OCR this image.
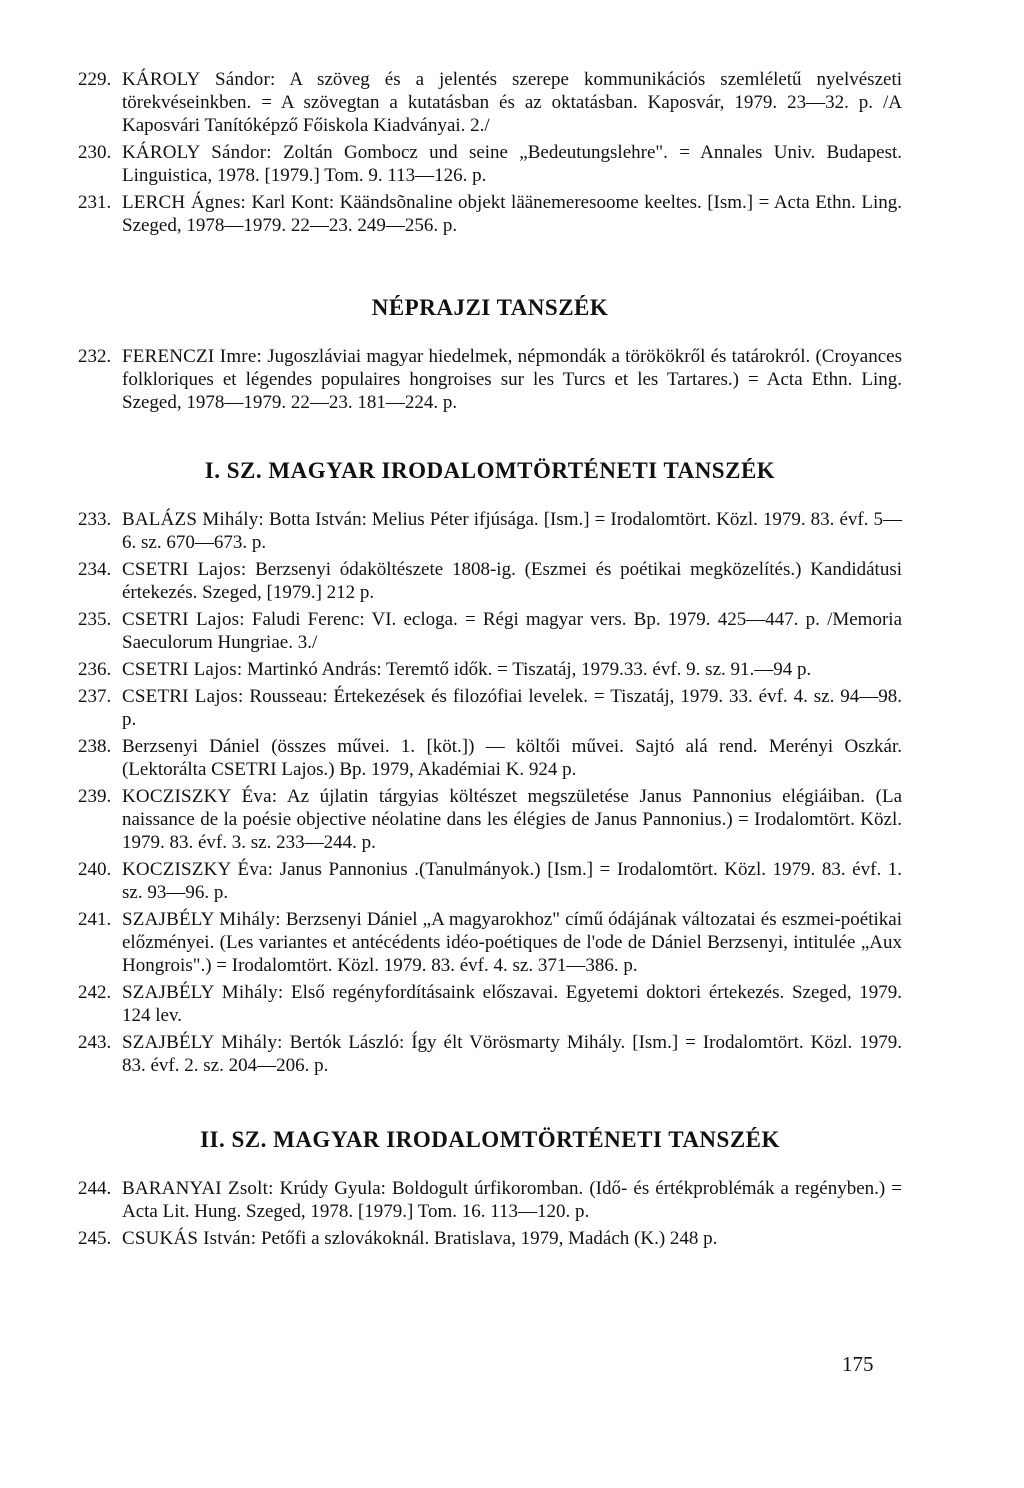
229. KÁROLY Sándor: A szöveg és a jelentés szerepe kommunikációs szemléletű nyelvészeti törekvéseinkben. = A szövegtan a kutatásban és az oktatásban. Kaposvár, 1979. 23—32. p. /A Kaposvári Tanítóképző Főiskola Kiadványai. 2./

230. KÁROLY Sándor: Zoltán Gombocz und seine „Bedeutungslehre". = Annales Univ. Budapest. Linguistica, 1978. [1979.] Tom. 9. 113—126. p.

231. LERCH Ágnes: Karl Kont: Käändsõnaline objekt läänemeresoome keeltes. [Ism.] = Acta Ethn. Ling. Szeged, 1978—1979. 22—23. 249—256. p.

NÉPRAJZI TANSZÉK

232. FERENCZI Imre: Jugoszláviai magyar hiedelmek, népmondák a törökökről és tatárokról. (Croyances folkloriques et légendes populaires hongroises sur les Turcs et les Tartares.) = Acta Ethn. Ling. Szeged, 1978—1979. 22—23. 181—224. p.

I. SZ. MAGYAR IRODALOMTÖRTÉNETI TANSZÉK

233. BALÁZS Mihály: Botta István: Melius Péter ifjúsága. [Ism.] = Irodalomtört. Közl. 1979. 83. évf. 5—6. sz. 670—673. p.

234. CSETRI Lajos: Berzsenyi ódaköltészete 1808-ig. (Eszmei és poétikai megközelítés.) Kandidátusi értekezés. Szeged, [1979.] 212 p.

235. CSETRI Lajos: Faludi Ferenc: VI. ecloga. = Régi magyar vers. Bp. 1979. 425—447. p. /Memoria Saeculorum Hungriae. 3./

236. CSETRI Lajos: Martinkó András: Teremtő idők. = Tiszatáj, 1979.33. évf. 9. sz. 91.—94 p.

237. CSETRI Lajos: Rousseau: Értekezések és filozófiai levelek. = Tiszatáj, 1979. 33. évf. 4. sz. 94—98. p.

238. Berzsenyi Dániel (összes művei. 1. [köt.]) — költői művei. Sajtó alá rend. Merényi Oszkár. (Lektorálta CSETRI Lajos.) Bp. 1979, Akadémiai K. 924 p.

239. KOCZISZKY Éva: Az újlatin tárgyias költészet megszületése Janus Pannonius elégiáiban. (La naissance de la poésie objective néolatine dans les élégies de Janus Pannonius.) = Irodalomtört. Közl. 1979. 83. évf. 3. sz. 233—244. p.

240. KOCZISZKY Éva: Janus Pannonius .(Tanulmányok.) [Ism.] = Irodalomtört. Közl. 1979. 83. évf. 1. sz. 93—96. p.

241. SZAJBÉLY Mihály: Berzsenyi Dániel „A magyarokhoz" című ódájának változatai és eszmei-poétikai előzményei. (Les variantes et antécédents idéo-poétiques de l'ode de Dániel Berzsenyi, intitulée „Aux Hongrois".) = Irodalomtört. Közl. 1979. 83. évf. 4. sz. 371—386. p.

242. SZAJBÉLY Mihály: Első regényfordításaink előszavai. Egyetemi doktori értekezés. Szeged, 1979. 124 lev.

243. SZAJBÉLY Mihály: Bertók László: Így élt Vörösmarty Mihály. [Ism.] = Irodalomtört. Közl. 1979. 83. évf. 2. sz. 204—206. p.

II. SZ. MAGYAR IRODALOMTÖRTÉNETI TANSZÉK

244. BARANYAI Zsolt: Krúdy Gyula: Boldogult úrfikoromban. (Idő- és értékproblémák a regényben.) = Acta Lit. Hung. Szeged, 1978. [1979.] Tom. 16. 113—120. p.

245. CSUKÁS István: Petőfi a szlovákoknál. Bratislava, 1979, Madách (K.) 248 p.

175
